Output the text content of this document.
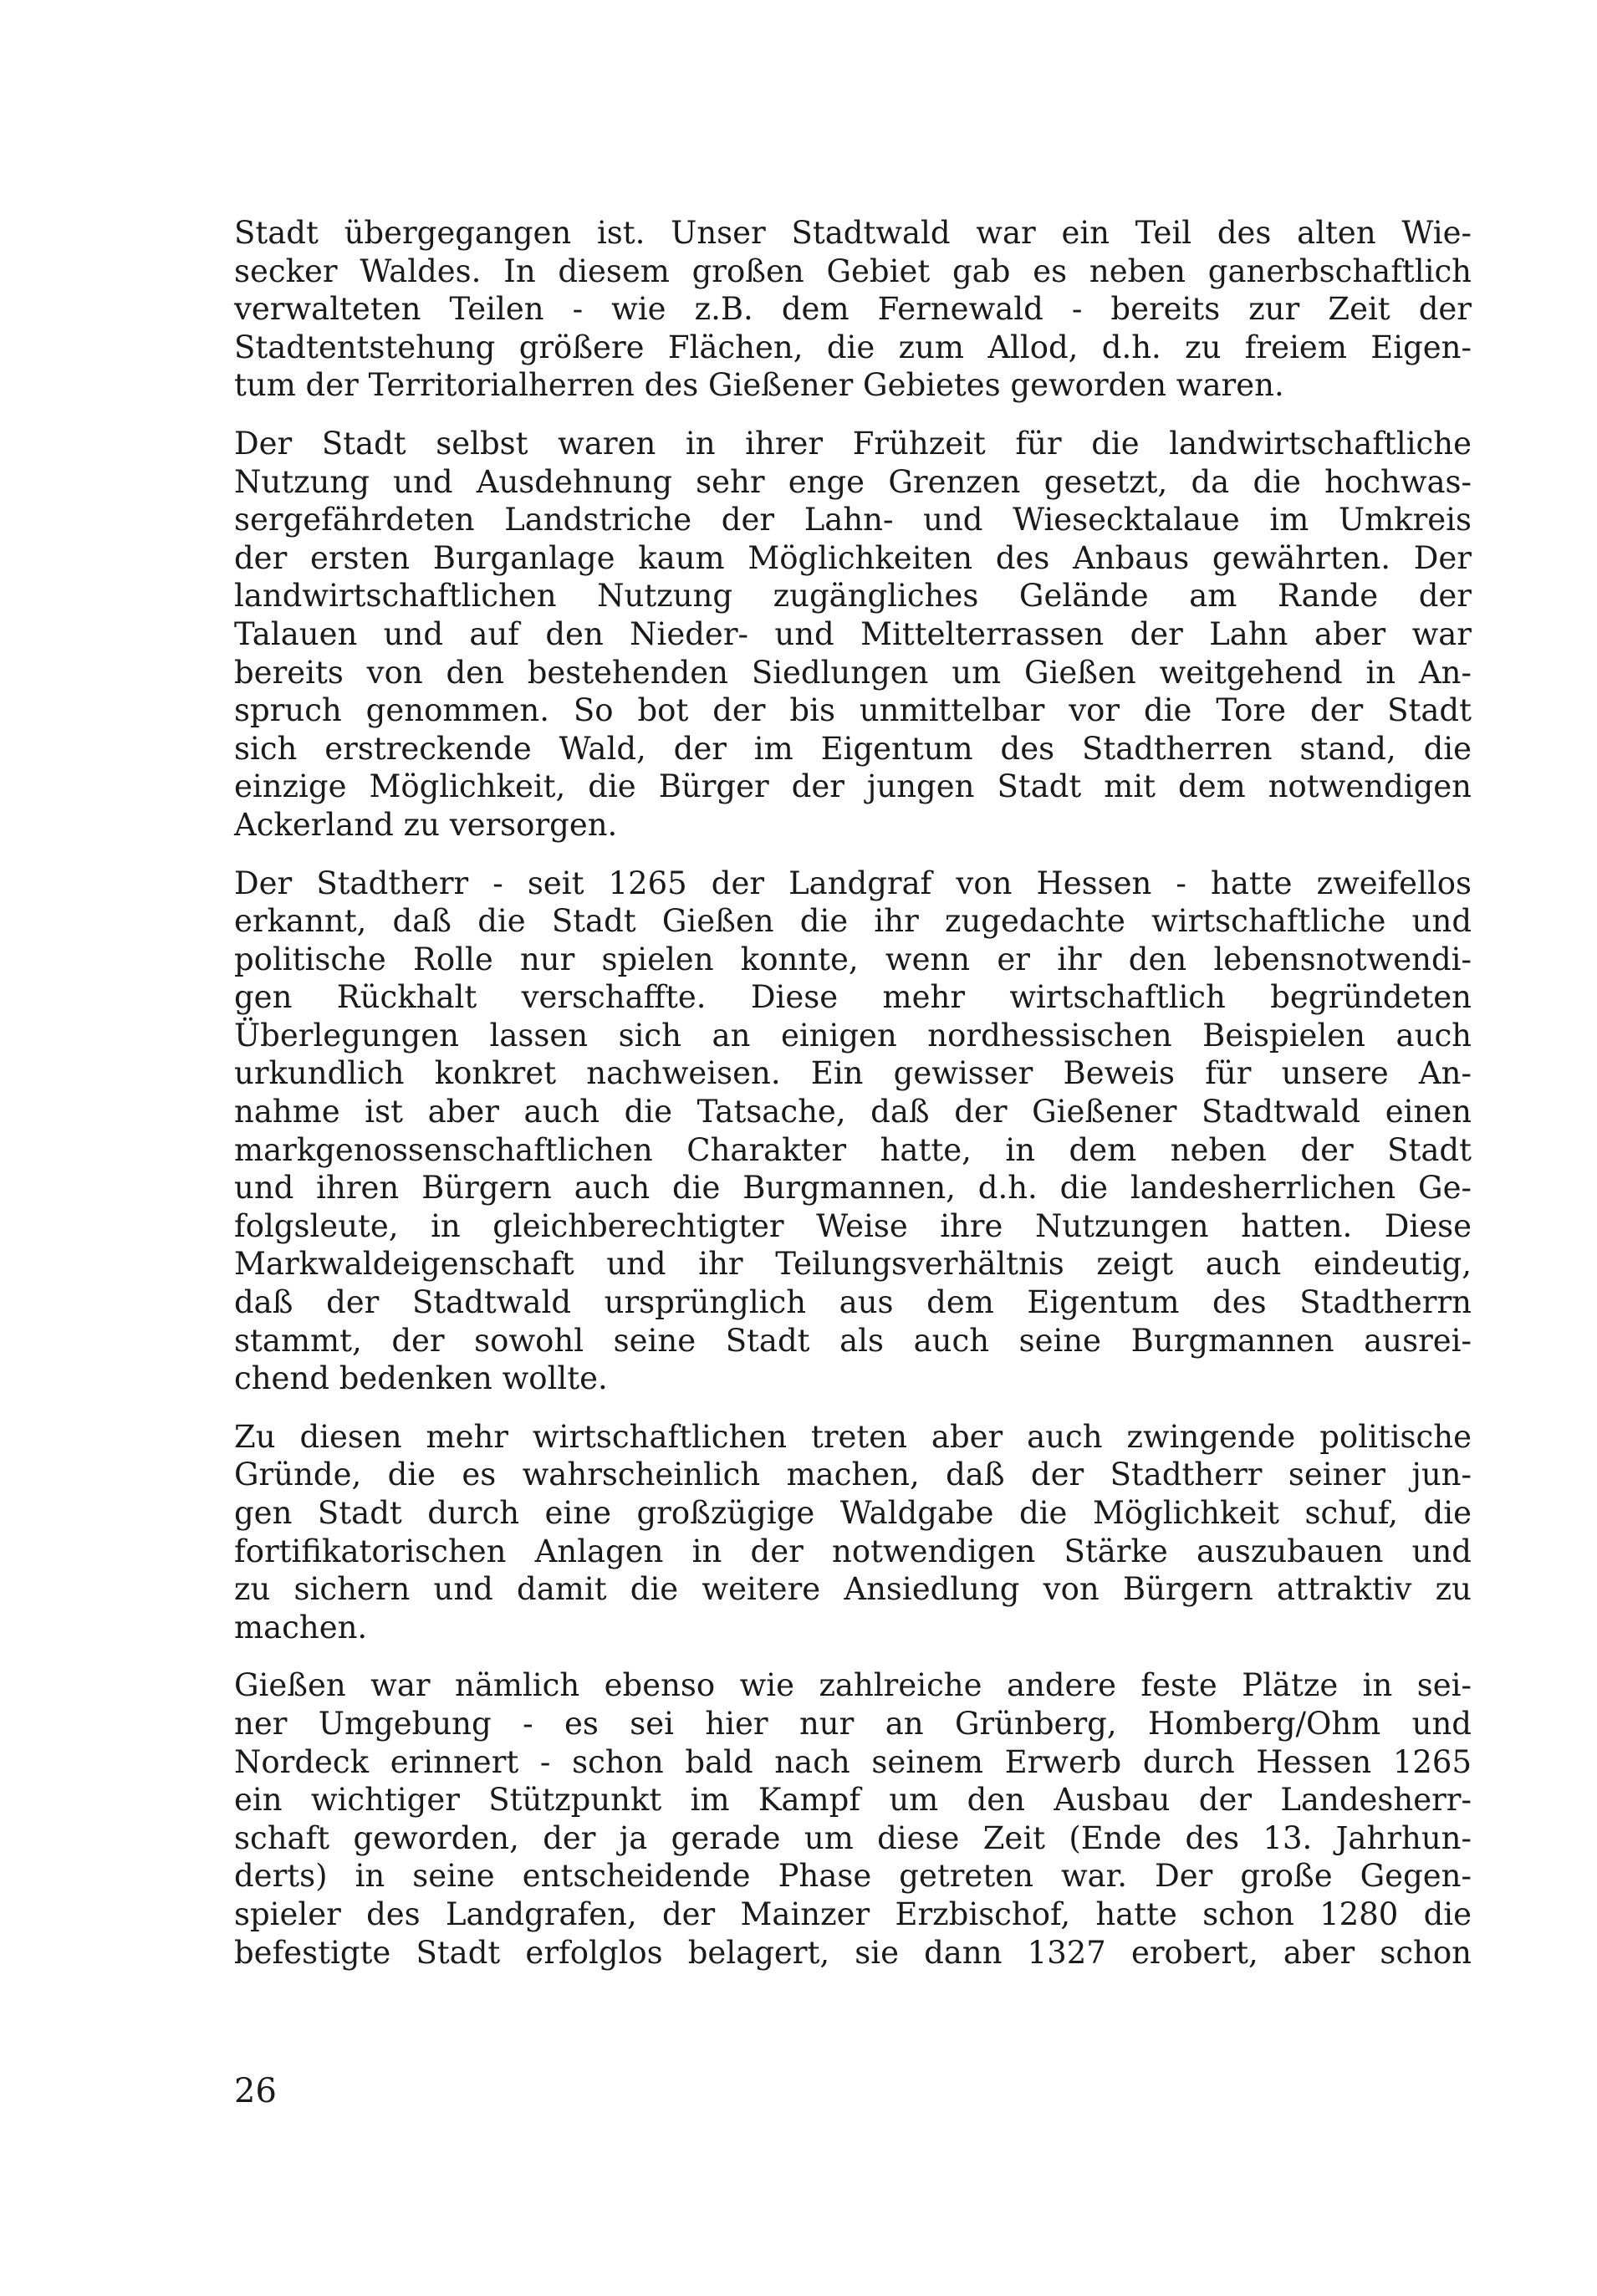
Stadt übergegangen ist. Unser Stadtwald war ein Teil des alten Wie-
secker Waldes. In diesem großen Gebiet gab es neben ganerbschaftlich
verwalteten Teilen - wie z.B. dem Fernewald - bereits zur Zeit der
Stadtentstehung größere Flächen, die zum Allod, d.h. zu freiem Eigen-
tum der Territorialherren des Gießener Gebietes geworden waren.
Der Stadt selbst waren in ihrer Frühzeit für die landwirtschaftliche
Nutzung und Ausdehnung sehr enge Grenzen gesetzt, da die hochwas-
sergefährdeten Landstriche der Lahn- und Wiesecktalaue im Umkreis
der ersten Burganlage kaum Möglichkeiten des Anbaus gewährten. Der
landwirtschaftlichen Nutzung zugängliches Gelände am Rande der
Talauen und auf den Nieder- und Mittelterrassen der Lahn aber war
bereits von den bestehenden Siedlungen um Gießen weitgehend in An-
spruch genommen. So bot der bis unmittelbar vor die Tore der Stadt
sich erstreckende Wald, der im Eigentum des Stadtherren stand, die
einzige Möglichkeit, die Bürger der jungen Stadt mit dem notwendigen
Ackerland zu versorgen.
Der Stadtherr - seit 1265 der Landgraf von Hessen - hatte zweifellos
erkannt, daß die Stadt Gießen die ihr zugedachte wirtschaftliche und
politische Rolle nur spielen konnte, wenn er ihr den lebensnotwendi-
gen Rückhalt verschaffte. Diese mehr wirtschaftlich begründeten
Überlegungen lassen sich an einigen nordhessischen Beispielen auch
urkundlich konkret nachweisen. Ein gewisser Beweis für unsere An-
nahme ist aber auch die Tatsache, daß der Gießener Stadtwald einen
markgenossenschaftlichen Charakter hatte, in dem neben der Stadt
und ihren Bürgern auch die Burgmannen, d.h. die landesherrlichen Ge-
folgsleute, in gleichberechtigter Weise ihre Nutzungen hatten. Diese
Markwaldeigenschaft und ihr Teilungsverhältnis zeigt auch eindeutig,
daß der Stadtwald ursprünglich aus dem Eigentum des Stadtherrn
stammt, der sowohl seine Stadt als auch seine Burgmannen ausrei-
chend bedenken wollte.
Zu diesen mehr wirtschaftlichen treten aber auch zwingende politische
Gründe, die es wahrscheinlich machen, daß der Stadtherr seiner jun-
gen Stadt durch eine großzügige Waldgabe die Möglichkeit schuf, die
fortifikatorischen Anlagen in der notwendigen Stärke auszubauen und
zu sichern und damit die weitere Ansiedlung von Bürgern attraktiv zu
machen.
Gießen war nämlich ebenso wie zahlreiche andere feste Plätze in sei-
ner Umgebung - es sei hier nur an Grünberg, Homberg/Ohm und
Nordeck erinnert - schon bald nach seinem Erwerb durch Hessen 1265
ein wichtiger Stützpunkt im Kampf um den Ausbau der Landesherr-
schaft geworden, der ja gerade um diese Zeit (Ende des 13. Jahrhun-
derts) in seine entscheidende Phase getreten war. Der große Gegen-
spieler des Landgrafen, der Mainzer Erzbischof, hatte schon 1280 die
befestigte Stadt erfolglos belagert, sie dann 1327 erobert, aber schon
26
